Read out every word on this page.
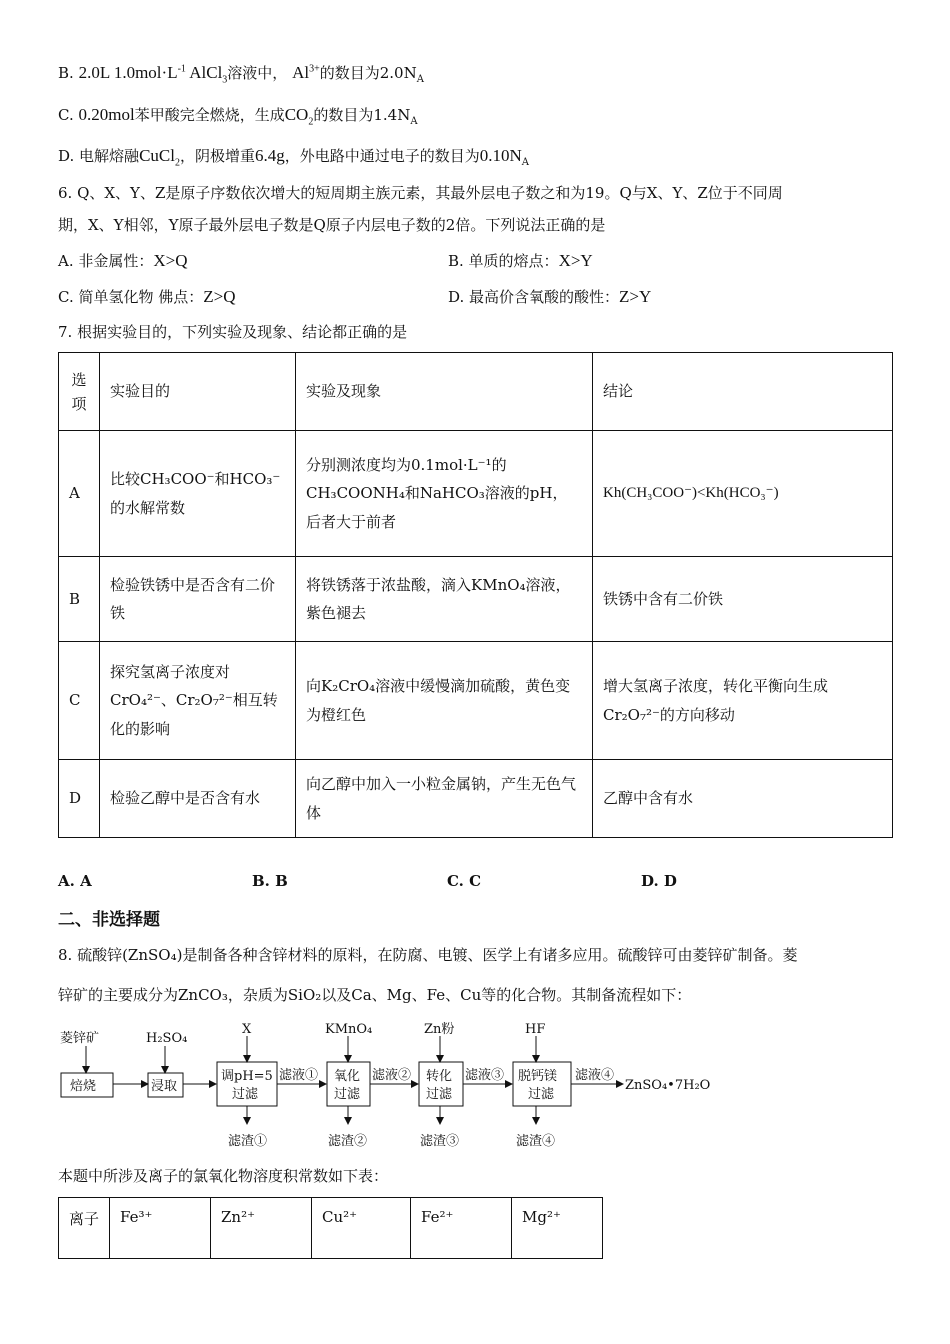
B. 2.0L $1.0mol\cdot L^{-1}$ AlCl$_3$溶液中， $Al^{3+}$的数目为$2.0N_A$
C. 0.20mol苯甲酸完全燃烧，生成$CO_2$的数目为$1.4N_A$
D. 电解熔融CuCl$_2$，阴极增重6.4g，外电路中通过电子的数目为$0.10N_A$
6. Q、X、Y、Z是原子序数依次增大的短周期主族元素，其最外层电子数之和为19。Q与X、Y、Z位于不同周
期，X、Y相邻，Y原子最外层电子数是Q原子内层电子数的2倍。下列说法正确的是
A. 非金属性：X>Q	B. 单质的熔点：X>Y
C. 简单氢化物 佛点：Z>Q	D. 最高价含氧酸的酸性：Z>Y
7. 根据实验目的，下列实验及现象、结论都正确的是
选项	实验目的	实验及现象	结论
A	比较CH₃COO⁻和HCO₃⁻的水解常数	分别测浓度均为0.1mol·L⁻¹的CH₃COONH₄和NaHCO₃溶液的pH，后者大于前者	Kh(CH₃COO⁻)<Kh(HCO₃⁻)
B	检验铁锈中是否含有二价铁	将铁锈落于浓盐酸，滴入KMnO₄溶液，紫色褪去	铁锈中含有二价铁
C	探究氢离子浓度对CrO₄²⁻、Cr₂O₇²⁻相互转化的影响	向K₂CrO₄溶液中缓慢滴加硫酸，黄色变为橙红色	增大氢离子浓度，转化平衡向生成Cr₂O₇²⁻的方向移动
D	检验乙醇中是否含有水	向乙醇中加入一小粒金属钠，产生无色气体	乙醇中含有水
A. A	B. B	C. C	D. D
二、非选择题
8. 硫酸锌(ZnSO₄)是制备各种含锌材料的原料，在防腐、电镀、医学上有诸多应用。硫酸锌可由菱锌矿制备。菱
锌矿的主要成分为ZnCO₃，杂质为SiO₂以及Ca、Mg、Fe、Cu等的化合物。其制备流程如下：
菱锌矿
焙烧
H₂SO₄
浸取
X
调pH=5
过滤
滤液①
KMnO₄
氧化
过滤
滤液②
Zn粉
转化
过滤
滤液③
HF
脱钙镁
过滤
滤液④
ZnSO₄•7H₂O
滤渣①	滤渣②	滤渣③	滤渣④
本题中所涉及离子的氯氧化物溶度积常数如下表：
离子	Fe³⁺	Zn²⁺	Cu²⁺	Fe²⁺	Mg²⁺
